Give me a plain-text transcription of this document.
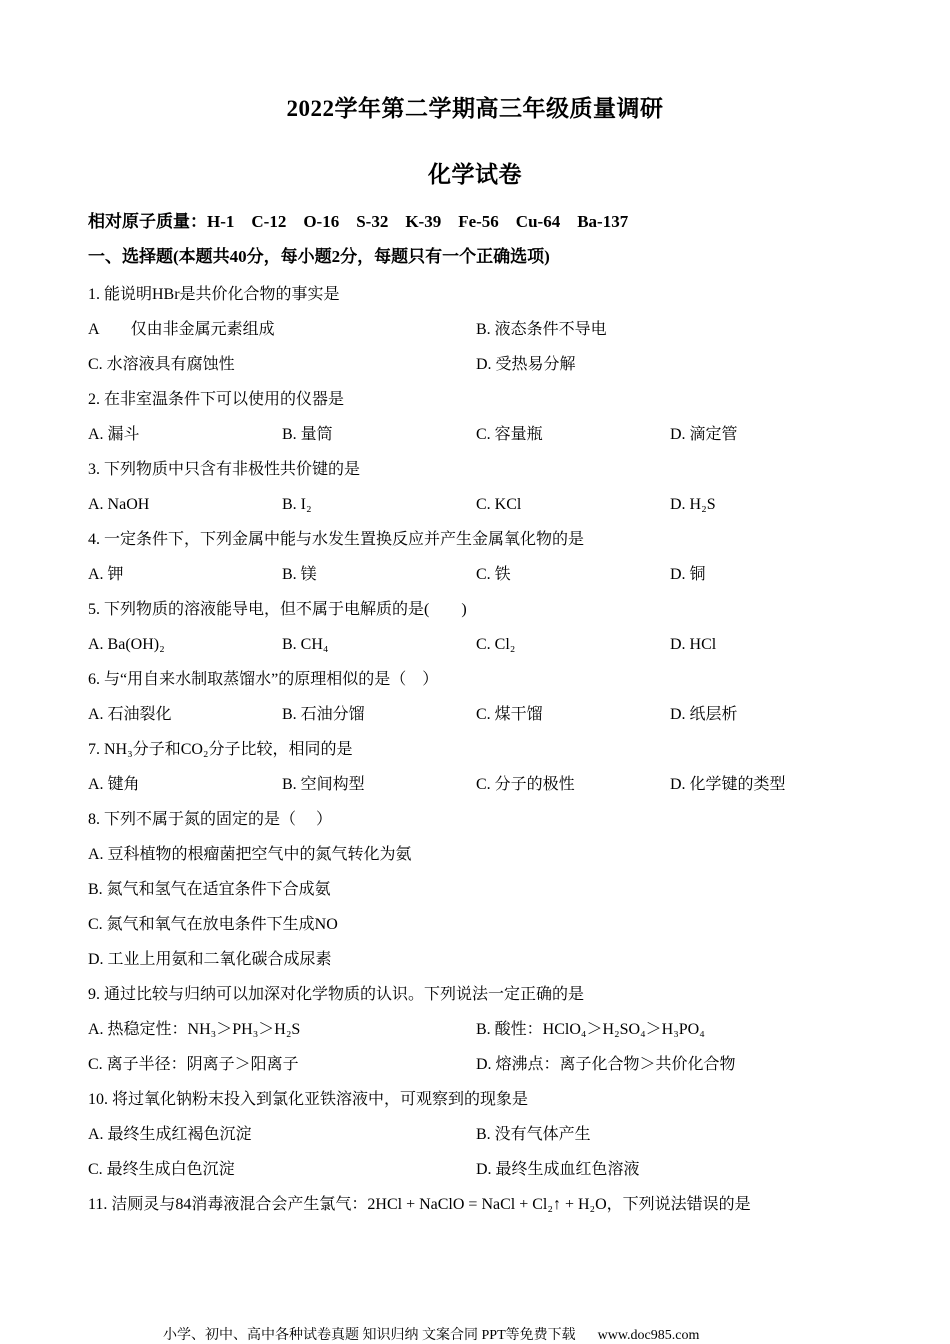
2022学年第二学期高三年级质量调研
化学试卷
相对原子质量：H-1    C-12    O-16    S-32    K-39    Fe-56    Cu-64    Ba-137
一、选择题(本题共40分，每小题2分，每题只有一个正确选项)
1. 能说明HBr是共价化合物的事实是
A        仅由非金属元素组成	B. 液态条件不导电
C. 水溶液具有腐蚀性	D. 受热易分解
2. 在非室温条件下可以使用的仪器是
A. 漏斗	B. 量筒	C. 容量瓶	D. 滴定管
3. 下列物质中只含有非极性共价键的是
A. NaOH	B. I₂	C. KCl	D. H₂S
4. 一定条件下，下列金属中能与水发生置换反应并产生金属氧化物的是
A. 钾	B. 镁	C. 铁	D. 铜
5. 下列物质的溶液能导电，但不属于电解质的是(        )
A. Ba(OH)₂	B. CH₄	C. Cl₂	D. HCl
6. 与“用自来水制取蒸馏水”的原理相似的是（    ）
A. 石油裂化	B. 石油分馏	C. 煤干馏	D. 纸层析
7. NH₃分子和CO₂分子比较，相同的是
A. 键角	B. 空间构型	C. 分子的极性	D. 化学键的类型
8. 下列不属于氮的固定的是（     ）
A. 豆科植物的根瘤菌把空气中的氮气转化为氨
B. 氮气和氢气在适宜条件下合成氨
C. 氮气和氧气在放电条件下生成NO
D. 工业上用氨和二氧化碳合成尿素
9. 通过比较与归纳可以加深对化学物质的认识。下列说法一定正确的是
A. 热稳定性：NH₃＞PH₃＞H₂S	B. 酸性：HClO₄＞H₂SO₄＞H₃PO₄
C. 离子半径：阴离子＞阳离子	D. 熔沸点：离子化合物＞共价化合物
10. 将过氧化钠粉末投入到氯化亚铁溶液中，可观察到的现象是
A. 最终生成红褐色沉淀	B. 没有气体产生
C. 最终生成白色沉淀	D. 最终生成血红色溶液
11. 洁厕灵与84消毒液混合会产生氯气：2HCl + NaClO = NaCl + Cl₂↑ + H₂O，下列说法错误的是
小学、初中、高中各种试卷真题 知识归纳 文案合同 PPT等免费下载 www.doc985.com
